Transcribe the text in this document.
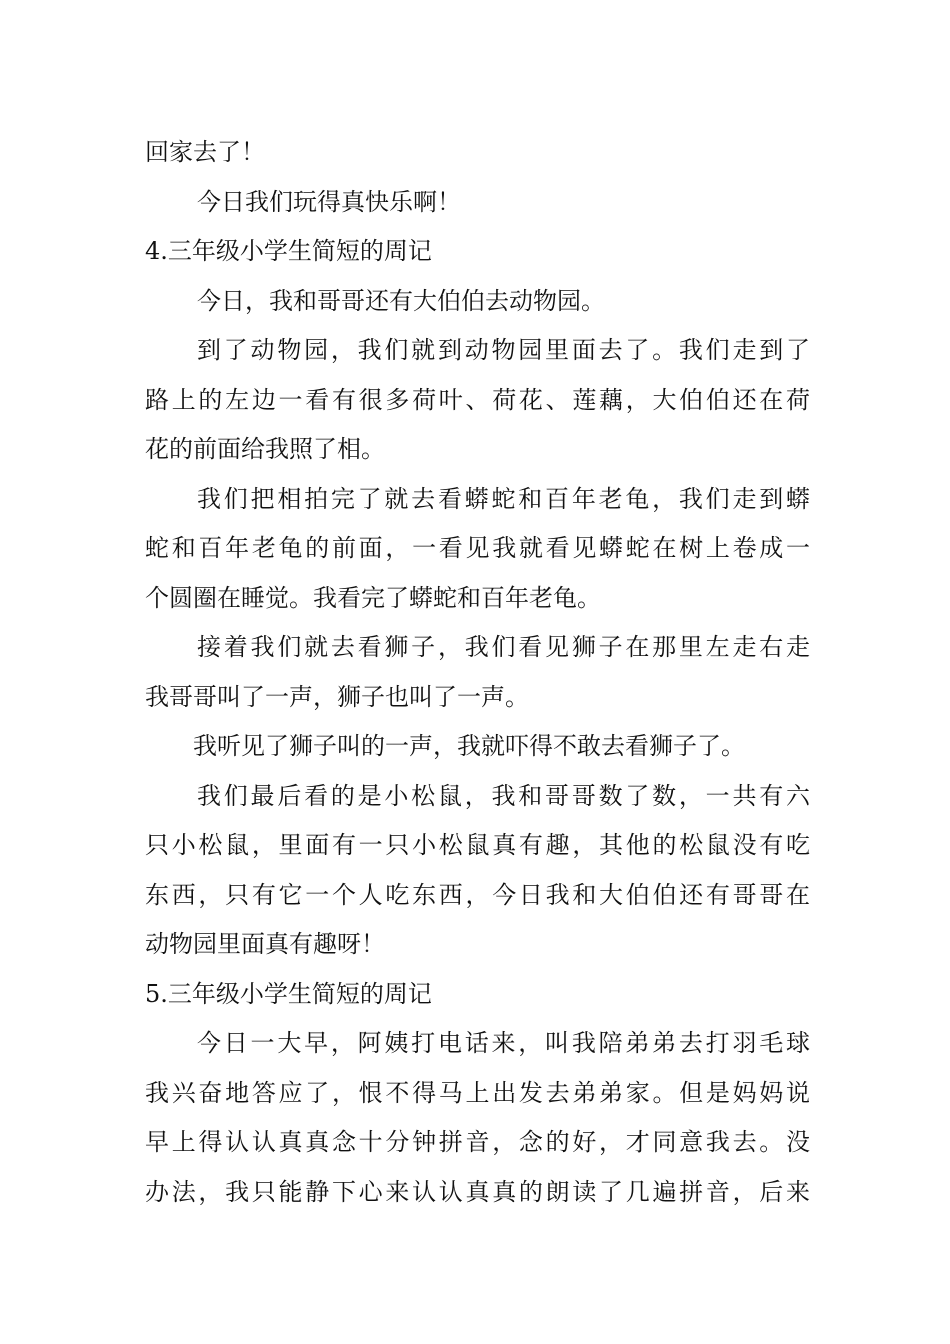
回家去了！
今日我们玩得真快乐啊！
4.三年级小学生简短的周记
今日，我和哥哥还有大伯伯去动物园。
到了动物园，我们就到动物园里面去了。我们走到了
路上的左边一看有很多荷叶、荷花、莲藕，大伯伯还在荷
花的前面给我照了相。
我们把相拍完了就去看蟒蛇和百年老龟，我们走到蟒
蛇和百年老龟的前面，一看见我就看见蟒蛇在树上卷成一
个圆圈在睡觉。我看完了蟒蛇和百年老龟。
接着我们就去看狮子，我们看见狮子在那里左走右走
我哥哥叫了一声，狮子也叫了一声。
我听见了狮子叫的一声，我就吓得不敢去看狮子了。
我们最后看的是小松鼠，我和哥哥数了数，一共有六
只小松鼠，里面有一只小松鼠真有趣，其他的松鼠没有吃
东西，只有它一个人吃东西，今日我和大伯伯还有哥哥在
动物园里面真有趣呀！
5.三年级小学生简短的周记
今日一大早，阿姨打电话来，叫我陪弟弟去打羽毛球
我兴奋地答应了，恨不得马上出发去弟弟家。但是妈妈说
早上得认认真真念十分钟拼音，念的好，才同意我去。没
办法，我只能静下心来认认真真的朗读了几遍拼音，后来
